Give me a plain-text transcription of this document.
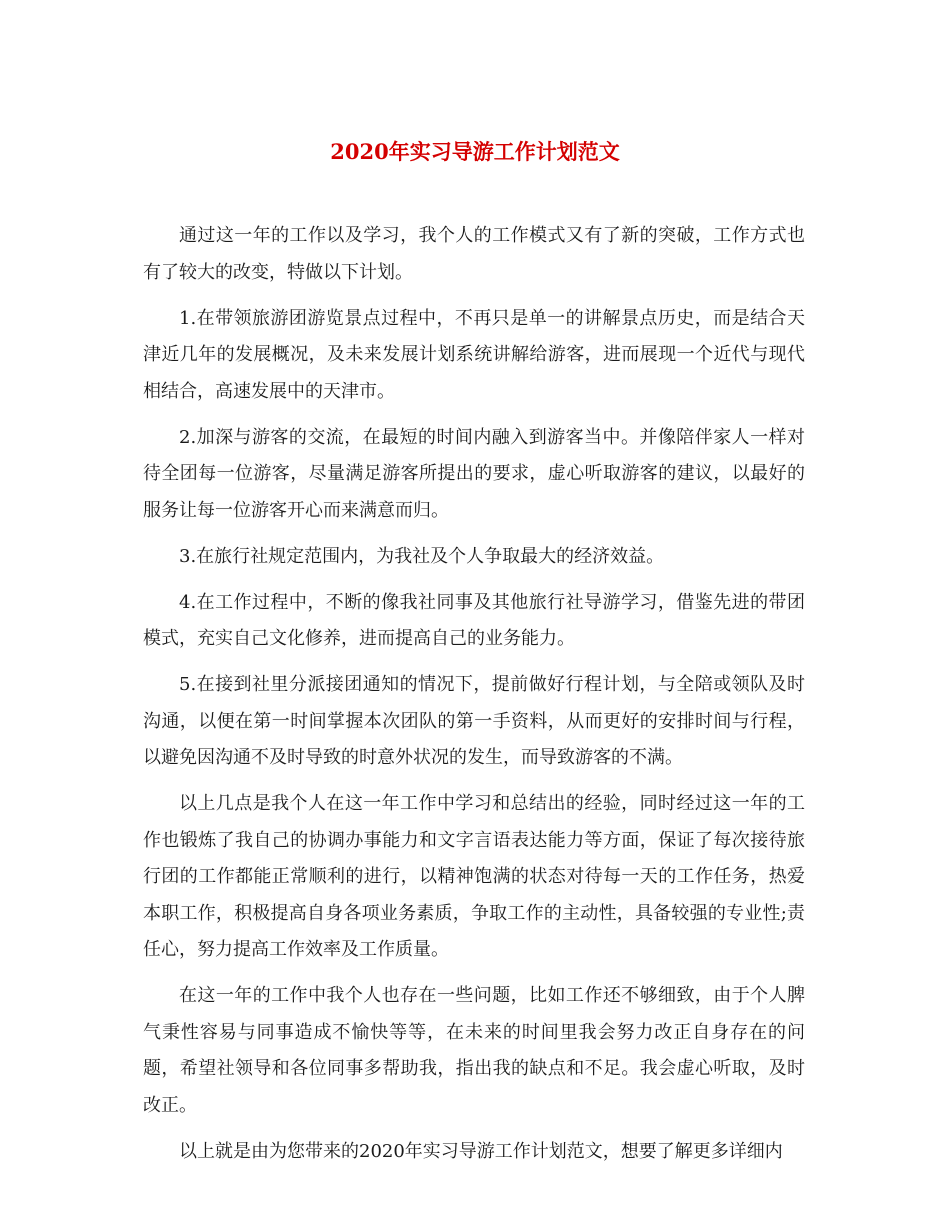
2020年实习导游工作计划范文

通过这一年的工作以及学习，我个人的工作模式又有了新的突破，工作方式也有了较大的改变，特做以下计划。

1.在带领旅游团游览景点过程中，不再只是单一的讲解景点历史，而是结合天津近几年的发展概况，及未来发展计划系统讲解给游客，进而展现一个近代与现代相结合，高速发展中的天津市。

2.加深与游客的交流，在最短的时间内融入到游客当中。并像陪伴家人一样对待全团每一位游客，尽量满足游客所提出的要求，虚心听取游客的建议，以最好的服务让每一位游客开心而来满意而归。

3.在旅行社规定范围内，为我社及个人争取最大的经济效益。

4.在工作过程中，不断的像我社同事及其他旅行社导游学习，借鉴先进的带团模式，充实自己文化修养，进而提高自己的业务能力。

5.在接到社里分派接团通知的情况下，提前做好行程计划，与全陪或领队及时沟通，以便在第一时间掌握本次团队的第一手资料，从而更好的安排时间与行程，以避免因沟通不及时导致的时意外状况的发生，而导致游客的不满。

以上几点是我个人在这一年工作中学习和总结出的经验，同时经过这一年的工作也锻炼了我自己的协调办事能力和文字言语表达能力等方面，保证了每次接待旅行团的工作都能正常顺利的进行，以精神饱满的状态对待每一天的工作任务，热爱本职工作，积极提高自身各项业务素质，争取工作的主动性，具备较强的专业性;责任心，努力提高工作效率及工作质量。

在这一年的工作中我个人也存在一些问题，比如工作还不够细致，由于个人脾气秉性容易与同事造成不愉快等等，在未来的时间里我会努力改正自身存在的问题，希望社领导和各位同事多帮助我，指出我的缺点和不足。我会虚心听取，及时改正。

以上就是由为您带来的2020年实习导游工作计划范文，想要了解更多详细内
